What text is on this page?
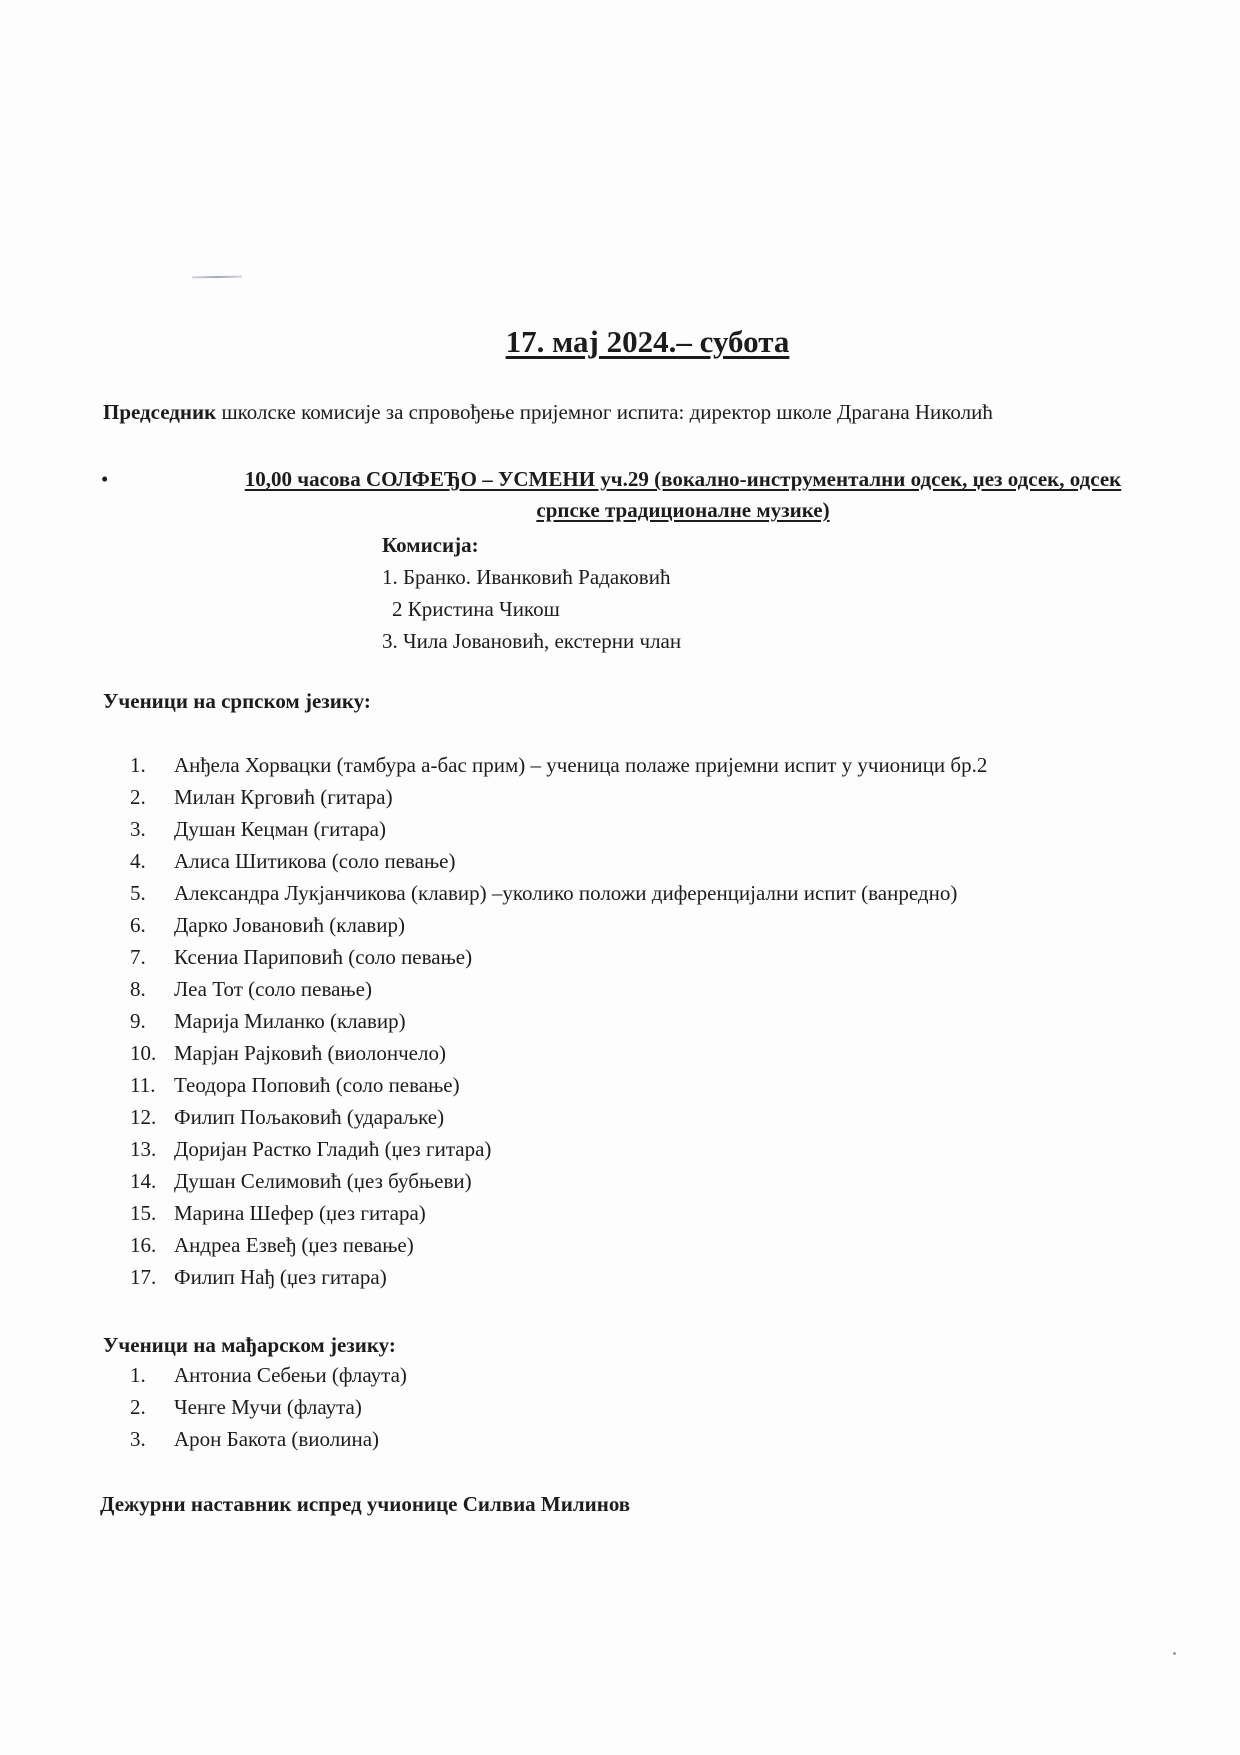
17. мај 2024.– субота
Председник школске комисије за спровођење пријемног испита: директор школе Драгана Николић
•	10,00 часова СОЛФЕЂО – УСМЕНИ уч.29 (вокално-инструментални одсек, џез одсек, одсек
српске традиционалне музике)
Комисија:
1. Бранко. Иванковић Радаковић
2 Кристина Чикош
3. Чила Јовановић, екстерни члан
Ученици на српском језику:
1.	Анђела Хорвацки (тамбура а-бас прим) – ученица полаже пријемни испит у учионици бр.2
2.	Милан Крговић (гитара)
3.	Душан Кецман (гитара)
4.	Алиса Шитикова (соло певање)
5.	Александра Лукјанчикова (клавир) –уколико положи диференцијални испит (ванредно)
6.	Дарко Јовановић (клавир)
7.	Ксениа Париповић (соло певање)
8.	Леа Тот (соло певање)
9.	Марија Миланко (клавир)
10. Марјан Рајковић (виолончело)
11. Теодора Поповић (соло певање)
12. Филип Пољаковић (удараљке)
13. Доријан Растко Гладић (џез гитара)
14. Душан Селимовић (џез бубњеви)
15. Марина Шефер (џез гитара)
16. Андреа Езвеђ (џез певање)
17. Филип Нађ (џез гитара)
Ученици на мађарском језику:
1.	Антониа Себењи (флаута)
2.	Ченге Мучи (флаута)
3.	Арон Бакота (виолина)
Дежурни наставник испред учионице Силвиа Милинов
